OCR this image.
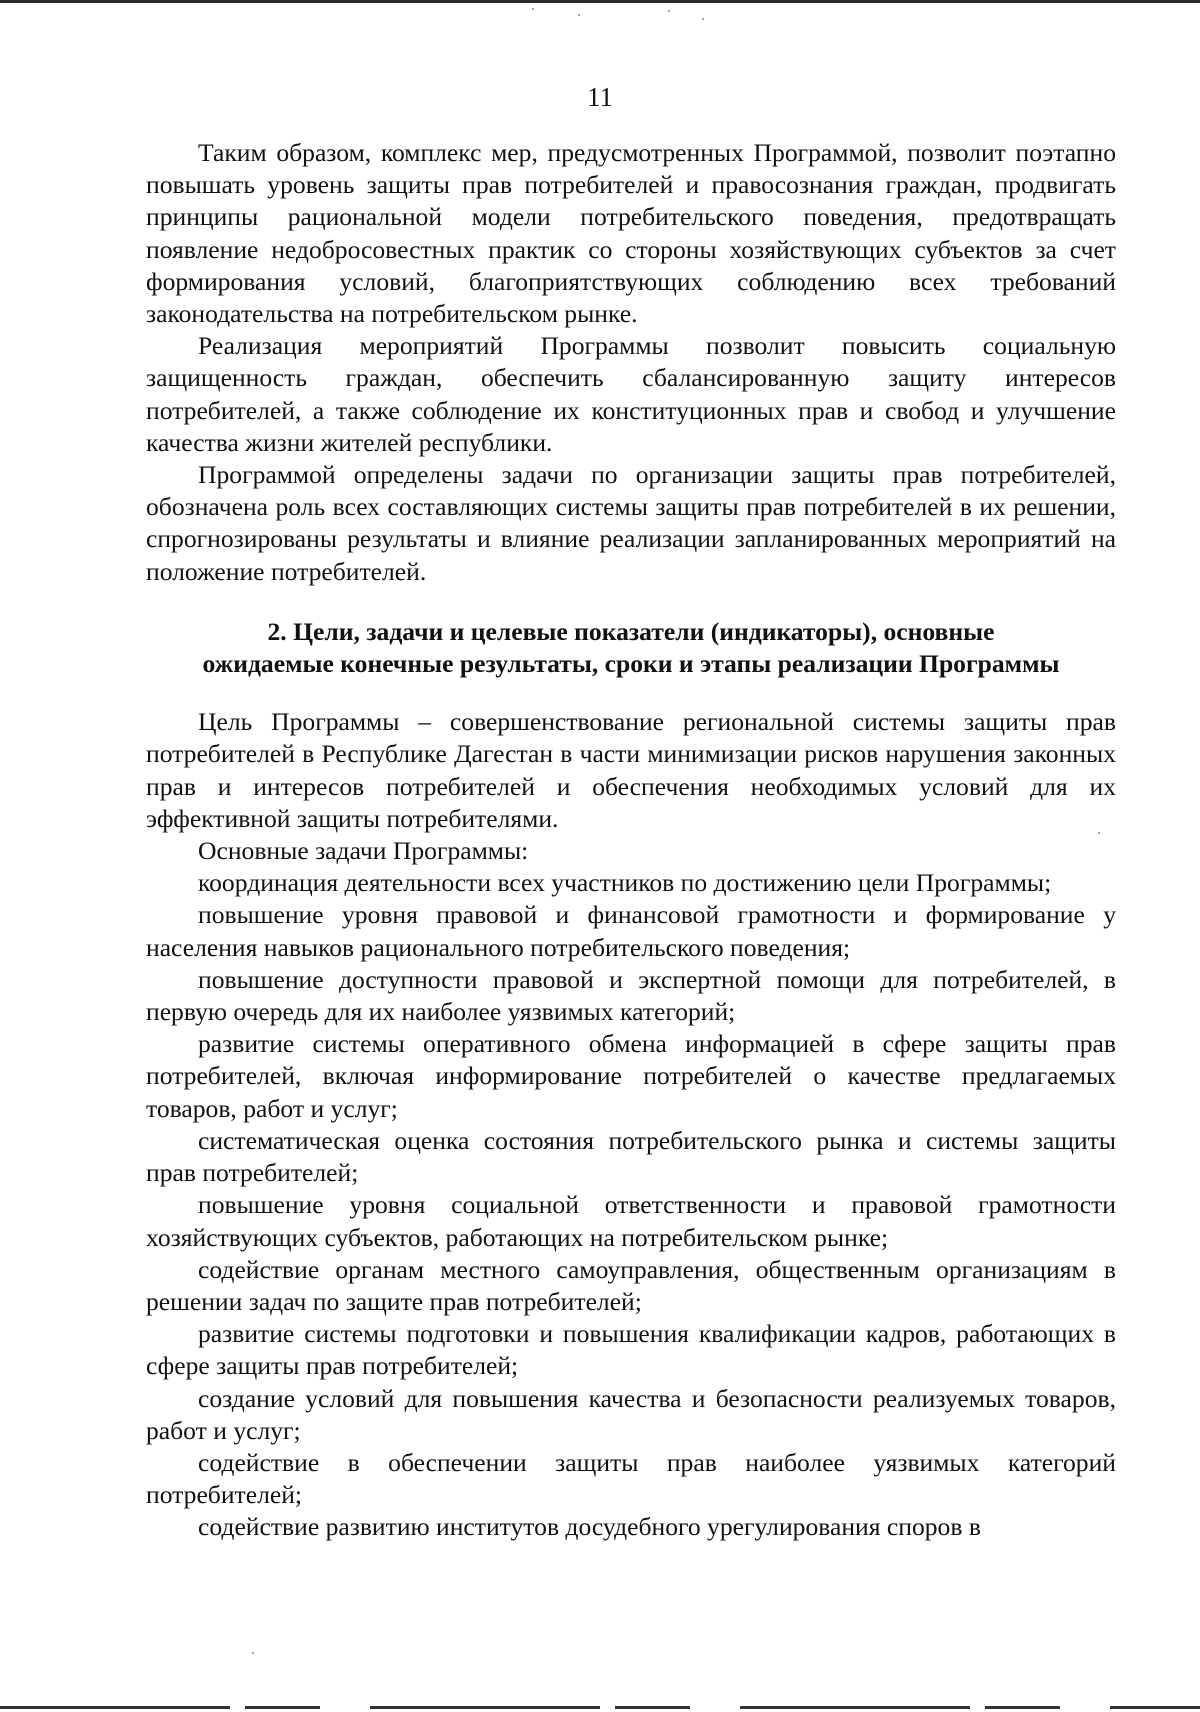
11

Таким образом, комплекс мер, предусмотренных Программой, позволит поэтапно повышать уровень защиты прав потребителей и правосознания граждан, продвигать принципы рациональной модели потребительского поведения, предотвращать появление недобросовестных практик со стороны хозяйствующих субъектов за счет формирования условий, благоприятствующих соблюдению всех требований законодательства на потребительском рынке.

Реализация мероприятий Программы позволит повысить социальную защищенность граждан, обеспечить сбалансированную защиту интересов потребителей, а также соблюдение их конституционных прав и свобод и улучшение качества жизни жителей республики.

Программой определены задачи по организации защиты прав потребителей, обозначена роль всех составляющих системы защиты прав потребителей в их решении, спрогнозированы результаты и влияние реализации запланированных мероприятий на положение потребителей.

2. Цели, задачи и целевые показатели (индикаторы), основные
ожидаемые конечные результаты, сроки и этапы реализации Программы

Цель Программы – совершенствование региональной системы защиты прав потребителей в Республике Дагестан в части минимизации рисков нарушения законных прав и интересов потребителей и обеспечения необходимых условий для их эффективной защиты потребителями.

Основные задачи Программы:

координация деятельности всех участников по достижению цели Программы;

повышение уровня правовой и финансовой грамотности и формирование у населения навыков рационального потребительского поведения;

повышение доступности правовой и экспертной помощи для потребителей, в первую очередь для их наиболее уязвимых категорий;

развитие системы оперативного обмена информацией в сфере защиты прав потребителей, включая информирование потребителей о качестве предлагаемых товаров, работ и услуг;

систематическая оценка состояния потребительского рынка и системы защиты прав потребителей;

повышение уровня социальной ответственности и правовой грамотности хозяйствующих субъектов, работающих на потребительском рынке;

содействие органам местного самоуправления, общественным организациям в решении задач по защите прав потребителей;

развитие системы подготовки и повышения квалификации кадров, работающих в сфере защиты прав потребителей;

создание условий для повышения качества и безопасности реализуемых товаров, работ и услуг;

содействие в обеспечении защиты прав наиболее уязвимых категорий потребителей;

содействие развитию институтов досудебного урегулирования споров в
